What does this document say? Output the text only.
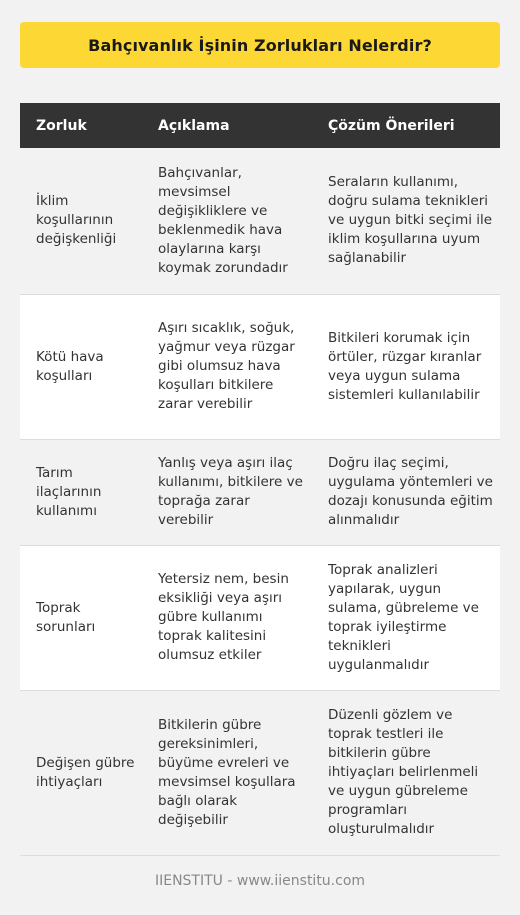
Bahçıvanlık İşinin Zorlukları Nelerdir?
Zorluk	Açıklama	Çözüm Önerileri
İklim koşullarının değişkenliği	Bahçıvanlar, mevsimsel değişikliklere ve beklenmedik hava olaylarına karşı koymak zorundadır	Seraların kullanımı, doğru sulama teknikleri ve uygun bitki seçimi ile iklim koşullarına uyum sağlanabilir
Kötü hava koşulları	Aşırı sıcaklık, soğuk, yağmur veya rüzgar gibi olumsuz hava koşulları bitkilere zarar verebilir	Bitkileri korumak için örtüler, rüzgar kıranlar veya uygun sulama sistemleri kullanılabilir
Tarım ilaçlarının kullanımı	Yanlış veya aşırı ilaç kullanımı, bitkilere ve toprağa zarar verebilir	Doğru ilaç seçimi, uygulama yöntemleri ve dozajı konusunda eğitim alınmalıdır
Toprak sorunları	Yetersiz nem, besin eksikliği veya aşırı gübre kullanımı toprak kalitesini olumsuz etkiler	Toprak analizleri yapılarak, uygun sulama, gübreleme ve toprak iyileştirme teknikleri uygulanmalıdır
Değişen gübre ihtiyaçları	Bitkilerin gübre gereksinimleri, büyüme evreleri ve mevsimsel koşullara bağlı olarak değişebilir	Düzenli gözlem ve toprak testleri ile bitkilerin gübre ihtiyaçları belirlenmeli ve uygun gübreleme programları oluşturulmalıdır
IIENSTITU - www.iienstitu.com
